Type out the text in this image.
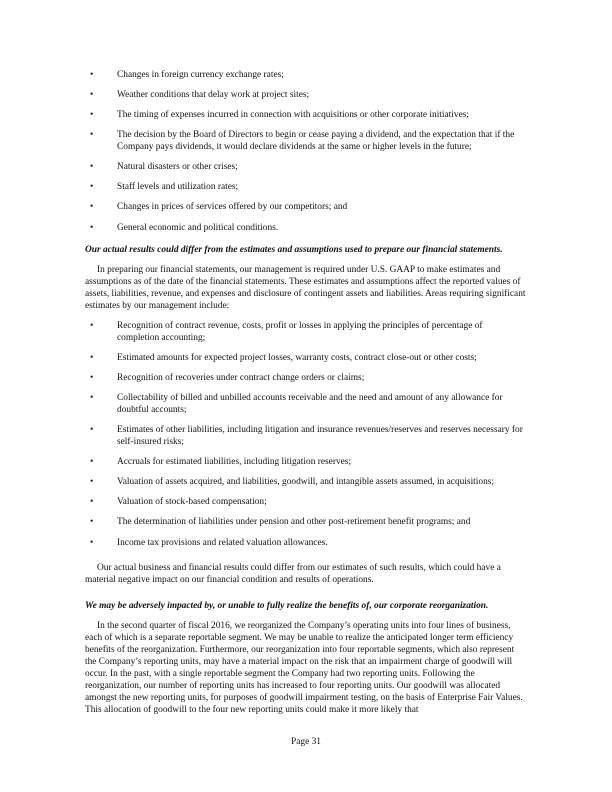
•	Changes in foreign currency exchange rates;
•	Weather conditions that delay work at project sites;
•	The timing of expenses incurred in connection with acquisitions or other corporate initiatives;
•	The decision by the Board of Directors to begin or cease paying a dividend, and the expectation that if the Company pays dividends, it would declare dividends at the same or higher levels in the future;
•	Natural disasters or other crises;
•	Staff levels and utilization rates;
•	Changes in prices of services offered by our competitors; and
•	General economic and political conditions.
Our actual results could differ from the estimates and assumptions used to prepare our financial statements.

In preparing our financial statements, our management is required under U.S. GAAP to make estimates and assumptions as of the date of the financial statements. These estimates and assumptions affect the reported values of assets, liabilities, revenue, and expenses and disclosure of contingent assets and liabilities. Areas requiring significant estimates by our management include:

•	Recognition of contract revenue, costs, profit or losses in applying the principles of percentage of completion accounting;
•	Estimated amounts for expected project losses, warranty costs, contract close-out or other costs;
•	Recognition of recoveries under contract change orders or claims;
•	Collectability of billed and unbilled accounts receivable and the need and amount of any allowance for doubtful accounts;
•	Estimates of other liabilities, including litigation and insurance revenues/reserves and reserves necessary for self-insured risks;
•	Accruals for estimated liabilities, including litigation reserves;
•	Valuation of assets acquired, and liabilities, goodwill, and intangible assets assumed, in acquisitions;
•	Valuation of stock-based compensation;
•	The determination of liabilities under pension and other post-retirement benefit programs; and
•	Income tax provisions and related valuation allowances.

Our actual business and financial results could differ from our estimates of such results, which could have a material negative impact on our financial condition and results of operations.

We may be adversely impacted by, or unable to fully realize the benefits of, our corporate reorganization.

In the second quarter of fiscal 2016, we reorganized the Company’s operating units into four lines of business, each of which is a separate reportable segment. We may be unable to realize the anticipated longer term efficiency benefits of the reorganization. Furthermore, our reorganization into four reportable segments, which also represent the Company’s reporting units, may have a material impact on the risk that an impairment charge of goodwill will occur. In the past, with a single reportable segment the Company had two reporting units. Following the reorganization, our number of reporting units has increased to four reporting units. Our goodwill was allocated amongst the new reporting units, for purposes of goodwill impairment testing, on the basis of Enterprise Fair Values. This allocation of goodwill to the four new reporting units could make it more likely that

Page 31
